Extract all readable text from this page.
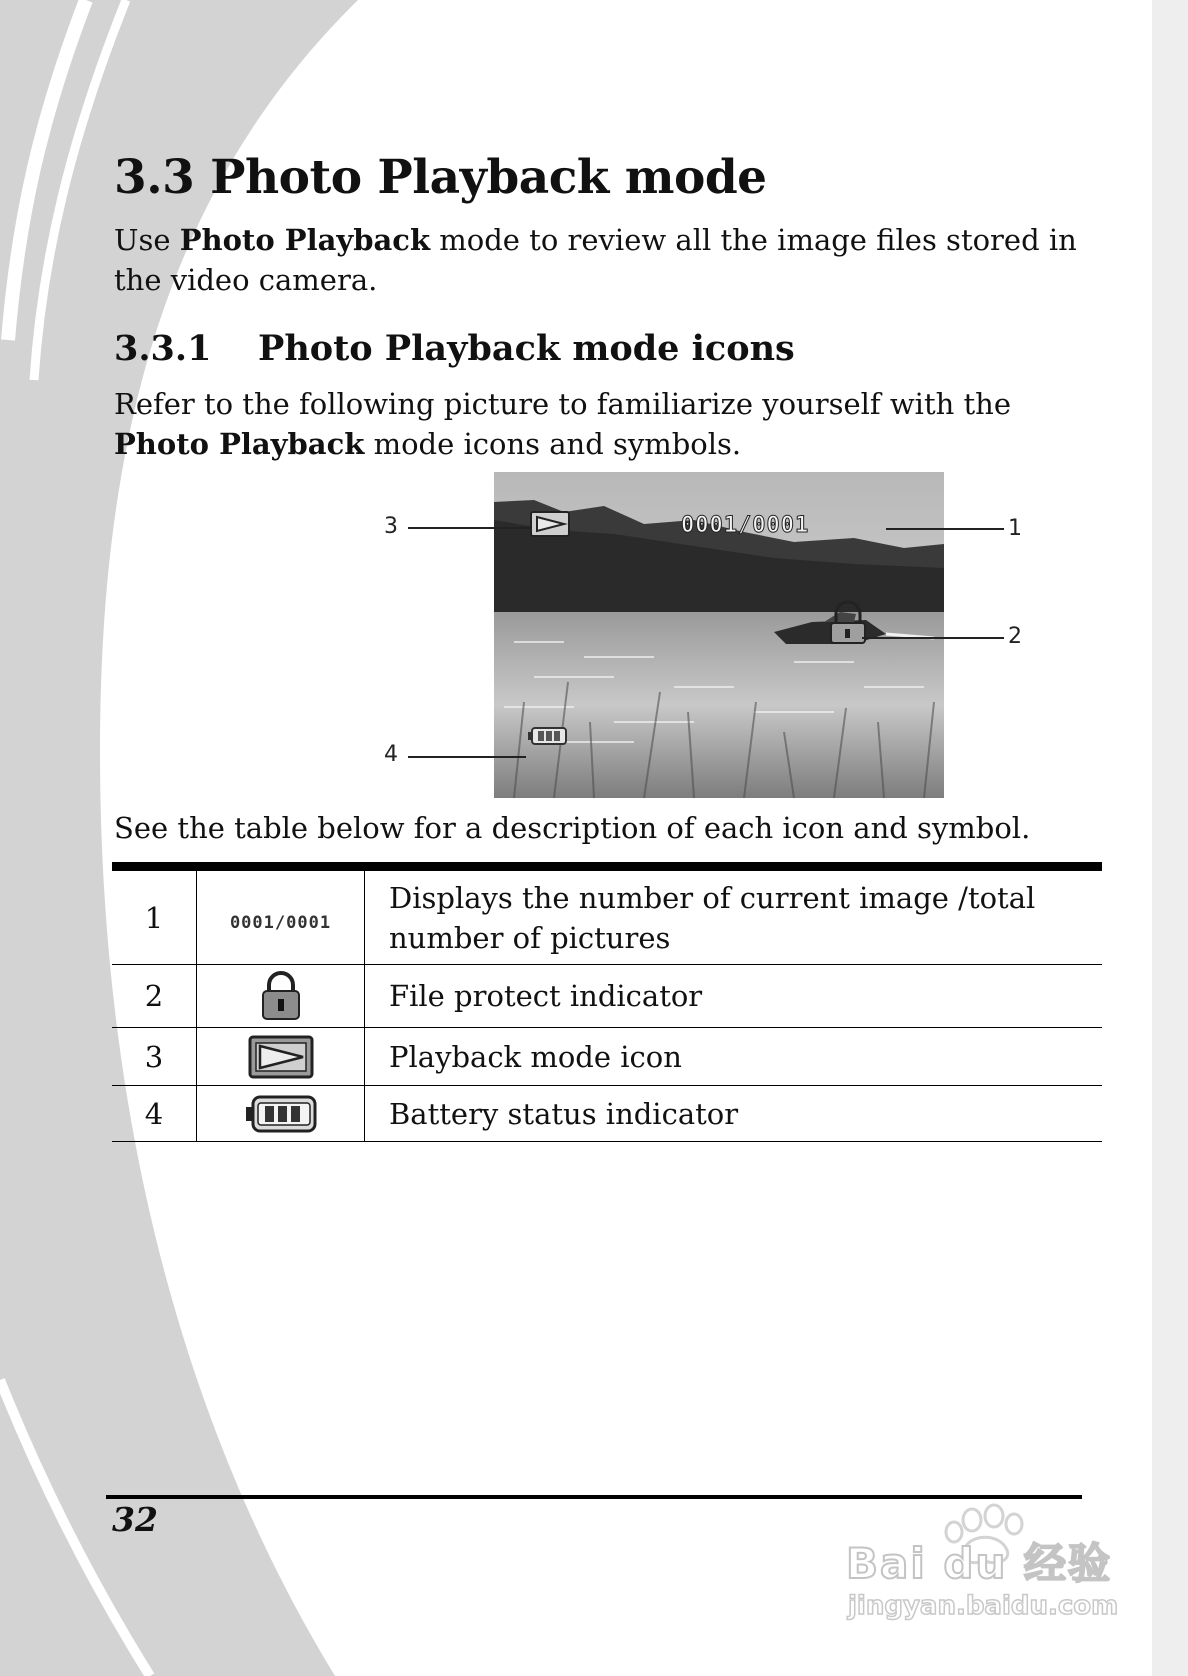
3.3 Photo Playback mode

Use Photo Playback mode to review all the image files stored in the video camera.

3.3.1 Photo Playback mode icons

Refer to the following picture to familiarize yourself with the Photo Playback mode icons and symbols.

0001/0001
3	1
2
4

See the table below for a description of each icon and symbol.

1	0001/0001	Displays the number of current image /total number of pictures
2		File protect indicator
3		Playback mode icon
4		Battery status indicator
32
Bai du 经验
jingyan.baidu.com
